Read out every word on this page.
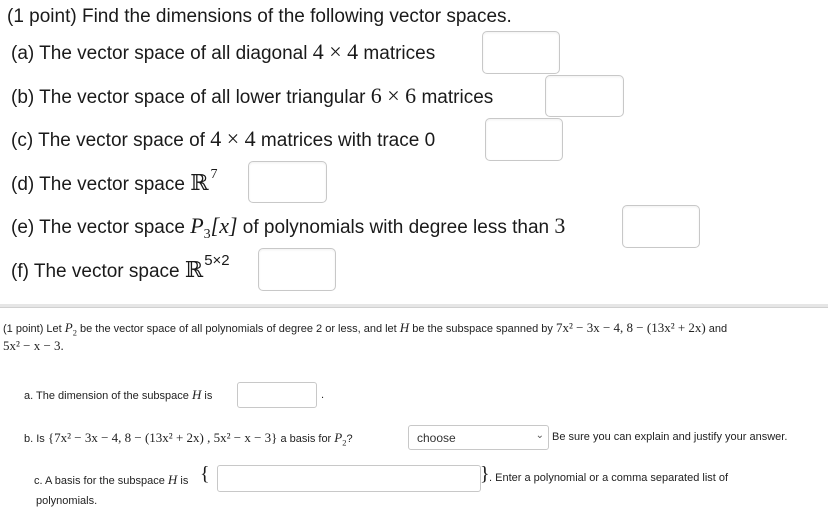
(1 point) Find the dimensions of the following vector spaces.
(a) The vector space of all diagonal 4 × 4 matrices
(b) The vector space of all lower triangular 6 × 6 matrices
(c) The vector space of 4 × 4 matrices with trace 0
(d) The vector space ℝ $^7$
(e) The vector space $P_3[x]$ of polynomials with degree less than 3
(f) The vector space ℝ$^{5\times 2}$
(1 point) Let $P_2$ be the vector space of all polynomials of degree 2 or less, and let H be the subspace spanned by 7x² − 3x − 4, 8 − (13x² + 2x) and
5x² − x − 3.
a. The dimension of the subspace H is	.
b. Is {7x² − 3x − 4, 8 − (13x² + 2x) , 5x² − x − 3} a basis for $P_2$?	choose	⌄ Be sure you can explain and justify your answer.
c. A basis for the subspace H is {	} . Enter a polynomial or a comma separated list of
polynomials.
